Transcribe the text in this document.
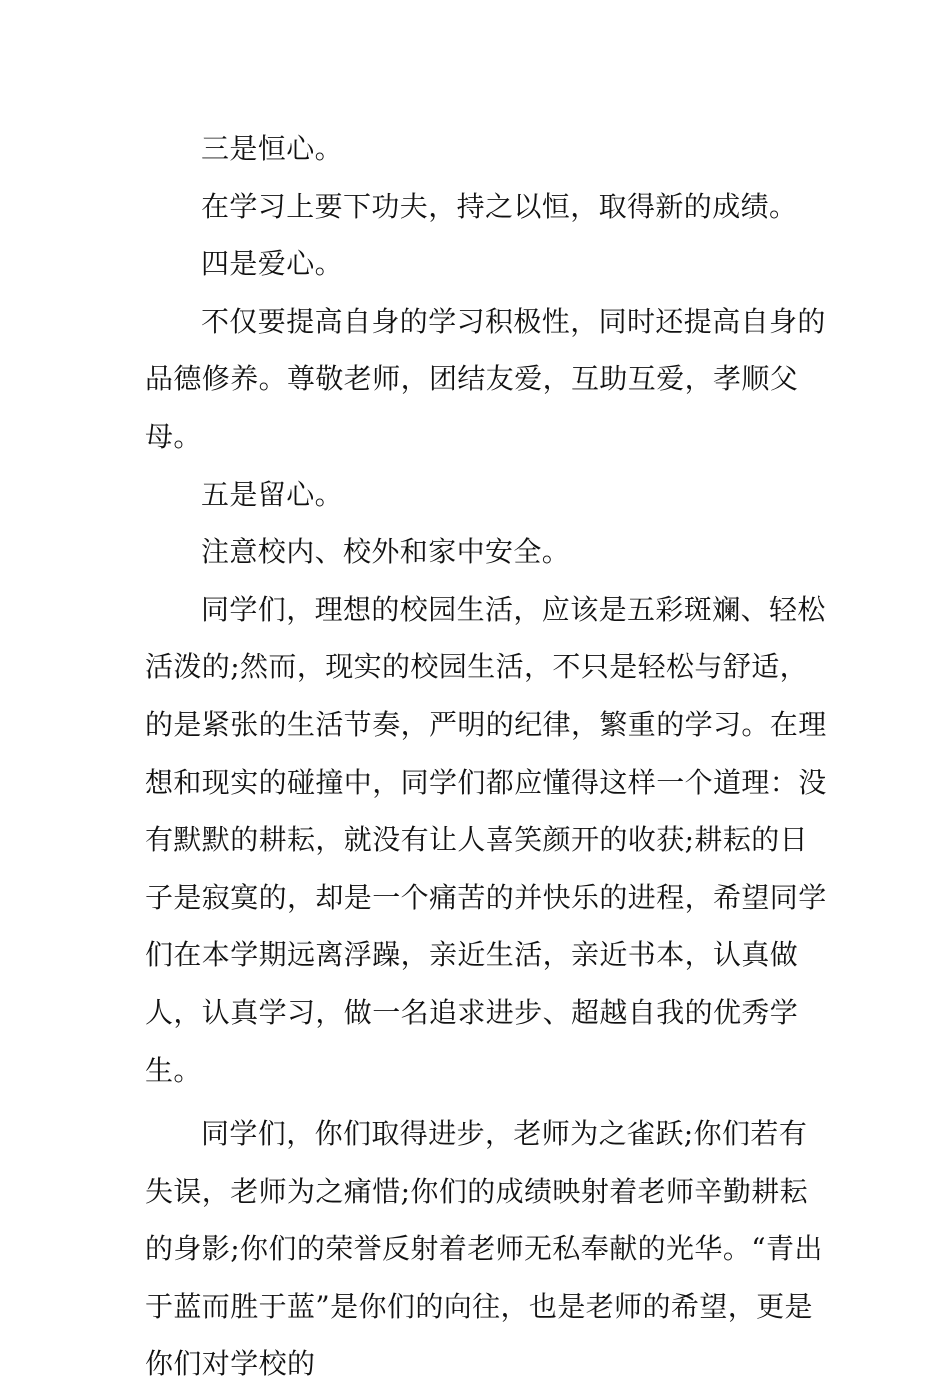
三是恒心。

在学习上要下功夫，持之以恒，取得新的成绩。

四是爱心。

不仅要提高自身的学习积极性，同时还提高自身的品德修养。尊敬老师，团结友爱，互助互爱，孝顺父母。

五是留心。

注意校内、校外和家中安全。

同学们，理想的校园生活，应该是五彩斑斓、轻松活泼的;然而，现实的校园生活，不只是轻松与舒适，的是紧张的生活节奏，严明的纪律，繁重的学习。在理想和现实的碰撞中，同学们都应懂得这样一个道理：没有默默的耕耘，就没有让人喜笑颜开的收获;耕耘的日子是寂寞的，却是一个痛苦的并快乐的进程，希望同学们在本学期远离浮躁，亲近生活，亲近书本，认真做人，认真学习，做一名追求进步、超越自我的优秀学生。

同学们，你们取得进步，老师为之雀跃;你们若有失误，老师为之痛惜;你们的成绩映射着老师辛勤耕耘的身影;你们的荣誉反射着老师无私奉献的光华。“青出于蓝而胜于蓝”是你们的向往，也是老师的希望，更是你们对学校的
